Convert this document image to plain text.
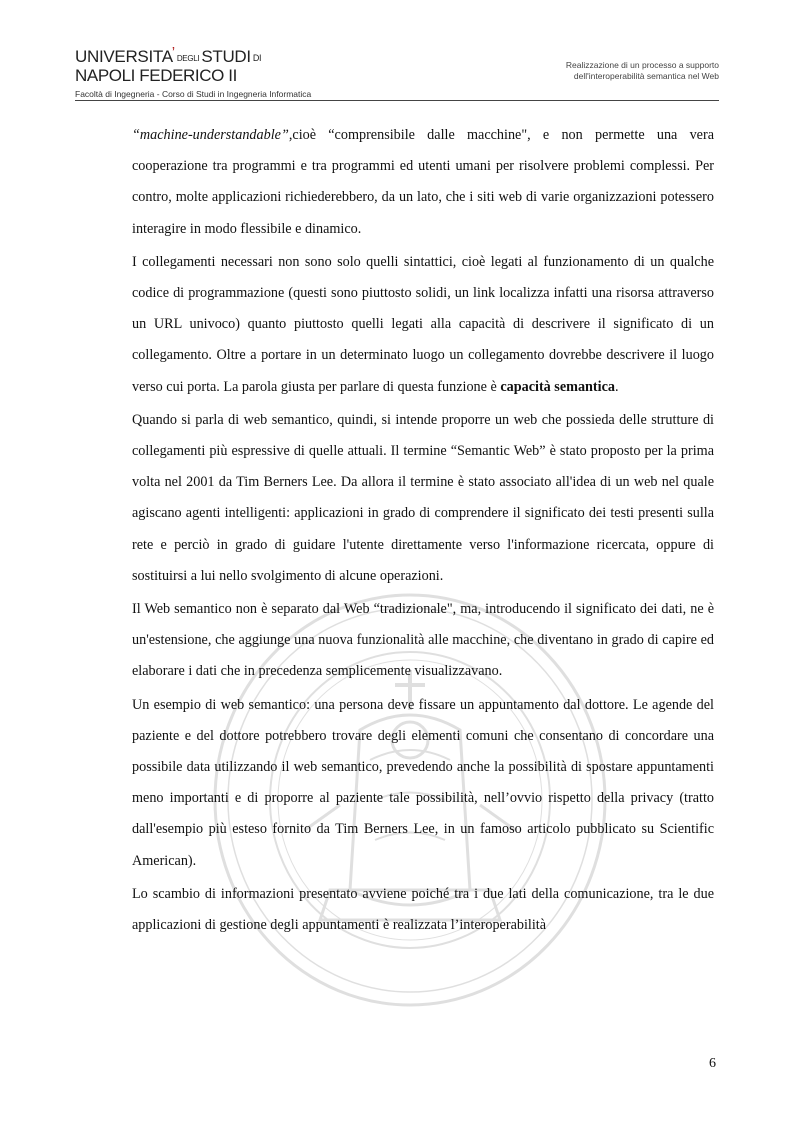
UNIVERSITA’ DEGLI STUDI DI
NAPOLI FEDERICO II
Facoltà di Ingegneria - Corso di Studi in Ingegneria Informatica
Realizzazione di un processo a supporto
dell'interoperabilità semantica nel Web

“machine-understandable”,cioè “comprensibile dalle macchine", e non permette una vera cooperazione tra programmi e tra programmi ed utenti umani per risolvere problemi complessi. Per contro, molte applicazioni richiederebbero, da un lato, che i siti web di varie organizzazioni potessero interagire in modo flessibile e dinamico.

I collegamenti necessari non sono solo quelli sintattici, cioè legati al funzionamento di un qualche codice di programmazione (questi sono piuttosto solidi, un link localizza infatti una risorsa attraverso un URL univoco) quanto piuttosto quelli legati alla capacità di descrivere il significato di un collegamento. Oltre a portare in un determinato luogo un collegamento dovrebbe descrivere il luogo verso cui porta. La parola giusta per parlare di questa funzione è capacità semantica.

Quando si parla di web semantico, quindi, si intende proporre un web che possieda delle strutture di collegamenti più espressive di quelle attuali. Il termine “Semantic Web” è stato proposto per la prima volta nel 2001 da Tim Berners Lee. Da allora il termine è stato associato all'idea di un web nel quale agiscano agenti intelligenti: applicazioni in grado di comprendere il significato dei testi presenti sulla rete e perciò in grado di guidare l'utente direttamente verso l'informazione ricercata, oppure di sostituirsi a lui nello svolgimento di alcune operazioni.

Il Web semantico non è separato dal Web “tradizionale", ma, introducendo il significato dei dati, ne è un'estensione, che aggiunge una nuova funzionalità alle macchine, che diventano in grado di capire ed elaborare i dati che in precedenza semplicemente visualizzavano.

Un esempio di web semantico: una persona deve fissare un appuntamento dal dottore. Le agende del paziente e del dottore potrebbero trovare degli elementi comuni che consentano di concordare una possibile data utilizzando il web semantico, prevedendo anche la possibilità di spostare appuntamenti meno importanti e di proporre al paziente tale possibilità, nell’ovvio rispetto della privacy (tratto dall'esempio più esteso fornito da Tim Berners Lee, in un famoso articolo pubblicato su Scientific American).

Lo scambio di informazioni presentato avviene poiché tra i due lati della comunicazione, tra le due applicazioni di gestione degli appuntamenti è realizzata l’interoperabilità

6
